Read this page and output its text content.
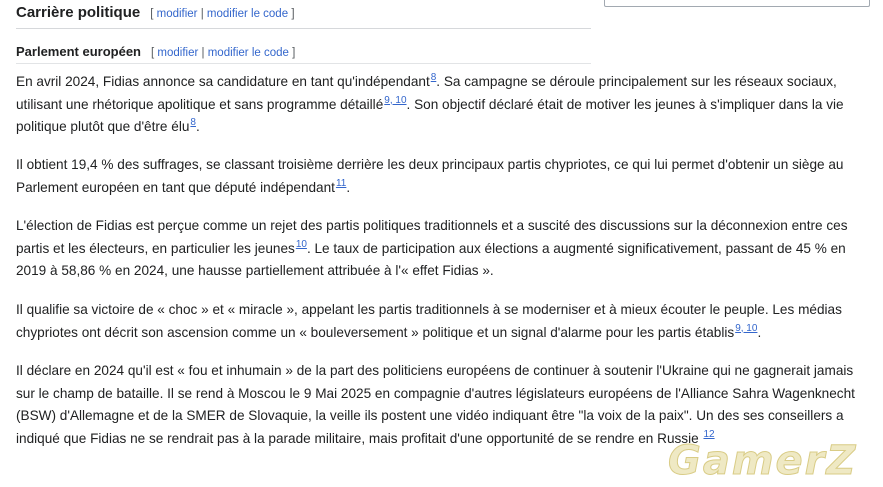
Carrière politique [ modifier | modifier le code ]
Parlement européen [ modifier | modifier le code ]

En avril 2024, Fidias annonce sa candidature en tant qu'indépendant$^8$. Sa campagne se déroule principalement sur les réseaux sociaux, utilisant une rhétorique apolitique et sans programme détaillé$^{9, 10}$. Son objectif déclaré était de motiver les jeunes à s'impliquer dans la vie politique plutôt que d'être élu$^8$.

Il obtient 19,4 % des suffrages, se classant troisième derrière les deux principaux partis chypriotes, ce qui lui permet d'obtenir un siège au Parlement européen en tant que député indépendant$^{11}$.

L'élection de Fidias est perçue comme un rejet des partis politiques traditionnels et a suscité des discussions sur la déconnexion entre ces partis et les électeurs, en particulier les jeunes$^{10}$. Le taux de participation aux élections a augmenté significativement, passant de 45 % en 2019 à 58,86 % en 2024, une hausse partiellement attribuée à l'« effet Fidias ».

Il qualifie sa victoire de « choc » et « miracle », appelant les partis traditionnels à se moderniser et à mieux écouter le peuple. Les médias chypriotes ont décrit son ascension comme un « bouleversement » politique et un signal d'alarme pour les partis établis$^{9, 10}$.

Il déclare en 2024 qu'il est « fou et inhumain » de la part des politiciens européens de continuer à soutenir l'Ukraine qui ne gagnerait jamais sur le champ de bataille. Il se rend à Moscou le 9 Mai 2025 en compagnie d'autres législateurs européens de l'Alliance Sahra Wagenknecht (BSW) d'Allemagne et de la SMER de Slovaquie, la veille ils postent une vidéo indiquant être "la voix de la paix". Un des ses conseillers a indiqué que Fidias ne se rendrait pas à la parade militaire, mais profitait d'une opportunité de se rendre en Russie $^{12}$

GamerZ
